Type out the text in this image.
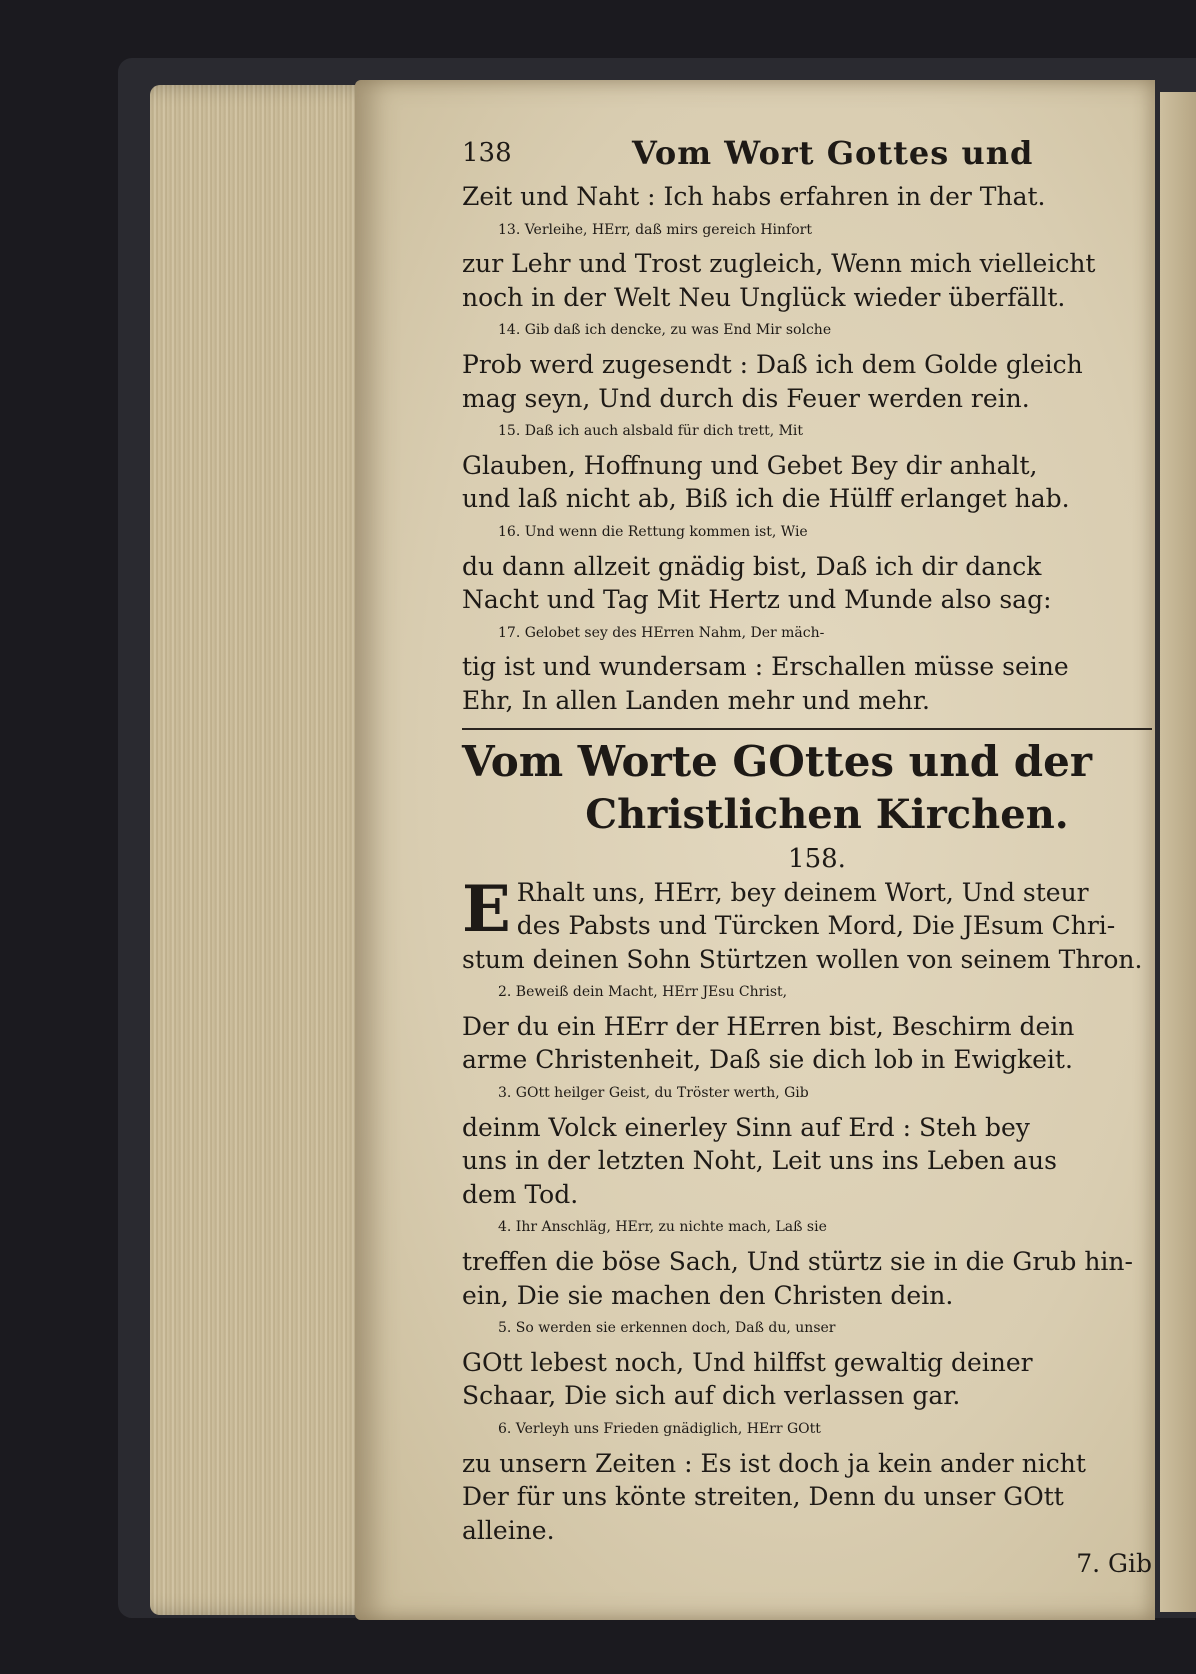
138	Vom Wort Gottes und
Zeit und Naht : Ich habs erfahren in der That.
13. Verleihe, HErr, daß mirs gereich Hinfort
zur Lehr und Trost zugleich, Wenn mich vielleicht
noch in der Welt Neu Unglück wieder überfällt.
14. Gib daß ich dencke, zu was End Mir solche
Prob werd zugesendt : Daß ich dem Golde gleich
mag seyn, Und durch dis Feuer werden rein.
15. Daß ich auch alsbald für dich trett, Mit
Glauben, Hoffnung und Gebet Bey dir anhalt,
und laß nicht ab, Biß ich die Hülff erlanget hab.
16. Und wenn die Rettung kommen ist, Wie
du dann allzeit gnädig bist, Daß ich dir danck
Nacht und Tag Mit Hertz und Munde also sag:
17. Gelobet sey des HErren Nahm, Der mäch-
tig ist und wundersam : Erschallen müsse seine
Ehr, In allen Landen mehr und mehr.
Vom Worte GOttes und der
Christlichen Kirchen.
158.
E Rhalt uns, HErr, bey deinem Wort, Und steur
des Pabsts und Türcken Mord, Die JEsum Chri-
stum deinen Sohn Stürtzen wollen von seinem Thron.
2. Beweiß dein Macht, HErr JEsu Christ,
Der du ein HErr der HErren bist, Beschirm dein
arme Christenheit, Daß sie dich lob in Ewigkeit.
3. GOtt heilger Geist, du Tröster werth, Gib
deinm Volck einerley Sinn auf Erd : Steh bey
uns in der letzten Noht, Leit uns ins Leben aus
dem Tod.
4. Ihr Anschläg, HErr, zu nichte mach, Laß sie
treffen die böse Sach, Und stürtz sie in die Grub hin-
ein, Die sie machen den Christen dein.
5. So werden sie erkennen doch, Daß du, unser
GOtt lebest noch, Und hilffst gewaltig deiner
Schaar, Die sich auf dich verlassen gar.
6. Verleyh uns Frieden gnädiglich, HErr GOtt
zu unsern Zeiten : Es ist doch ja kein ander nicht
Der für uns könte streiten, Denn du unser GOtt
alleine.
7. Gib
